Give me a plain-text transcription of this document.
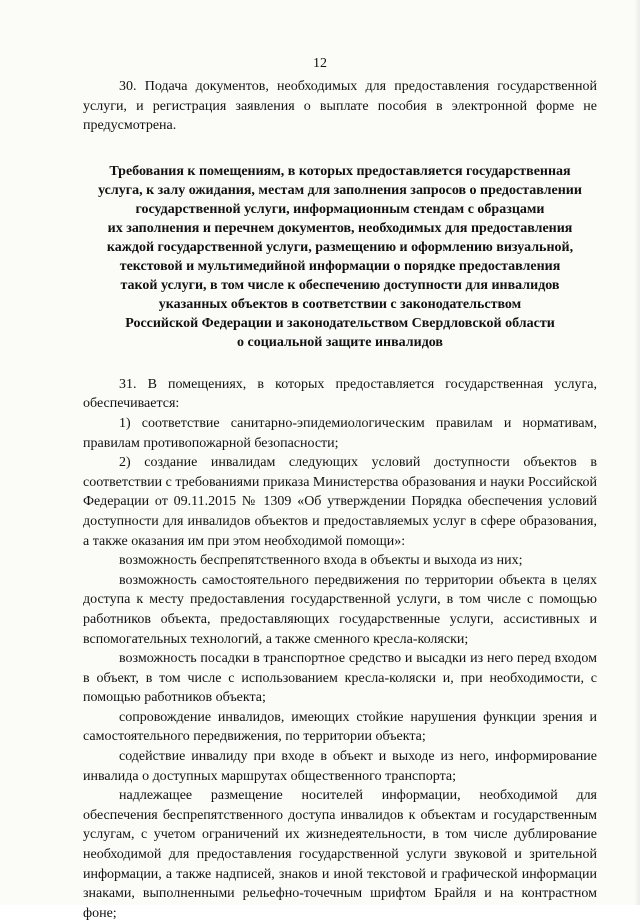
12

30. Подача документов, необходимых для предоставления государственной услуги, и регистрация заявления о выплате пособия в электронной форме не предусмотрена.

Требования к помещениям, в которых предоставляется государственная
услуга, к залу ожидания, местам для заполнения запросов о предоставлении
государственной услуги, информационным стендам с образцами
их заполнения и перечнем документов, необходимых для предоставления
каждой государственной услуги, размещению и оформлению визуальной,
текстовой и мультимедийной информации о порядке предоставления
такой услуги, в том числе к обеспечению доступности для инвалидов
указанных объектов в соответствии с законодательством
Российской Федерации и законодательством Свердловской области
о социальной защите инвалидов

31. В помещениях, в которых предоставляется государственная услуга, обеспечивается:

1) соответствие санитарно-эпидемиологическим правилам и нормативам, правилам противопожарной безопасности;

2) создание инвалидам следующих условий доступности объектов в соответствии с требованиями приказа Министерства образования и науки Российской Федерации от 09.11.2015 № 1309 «Об утверждении Порядка обеспечения условий доступности для инвалидов объектов и предоставляемых услуг в сфере образования, а также оказания им при этом необходимой помощи»:

возможность беспрепятственного входа в объекты и выхода из них;

возможность самостоятельного передвижения по территории объекта в целях доступа к месту предоставления государственной услуги, в том числе с помощью работников объекта, предоставляющих государственные услуги, ассистивных и вспомогательных технологий, а также сменного кресла-коляски;

возможность посадки в транспортное средство и высадки из него перед входом в объект, в том числе с использованием кресла-коляски и, при необходимости, с помощью работников объекта;

сопровождение инвалидов, имеющих стойкие нарушения функции зрения и самостоятельного передвижения, по территории объекта;

содействие инвалиду при входе в объект и выходе из него, информирование инвалида о доступных маршрутах общественного транспорта;

надлежащее размещение носителей информации, необходимой для обеспечения беспрепятственного доступа инвалидов к объектам и государственным услугам, с учетом ограничений их жизнедеятельности, в том числе дублирование необходимой для предоставления государственной услуги звуковой и зрительной информации, а также надписей, знаков и иной текстовой и графической информации знаками, выполненными рельефно-точечным шрифтом Брайля и на контрастном фоне;
